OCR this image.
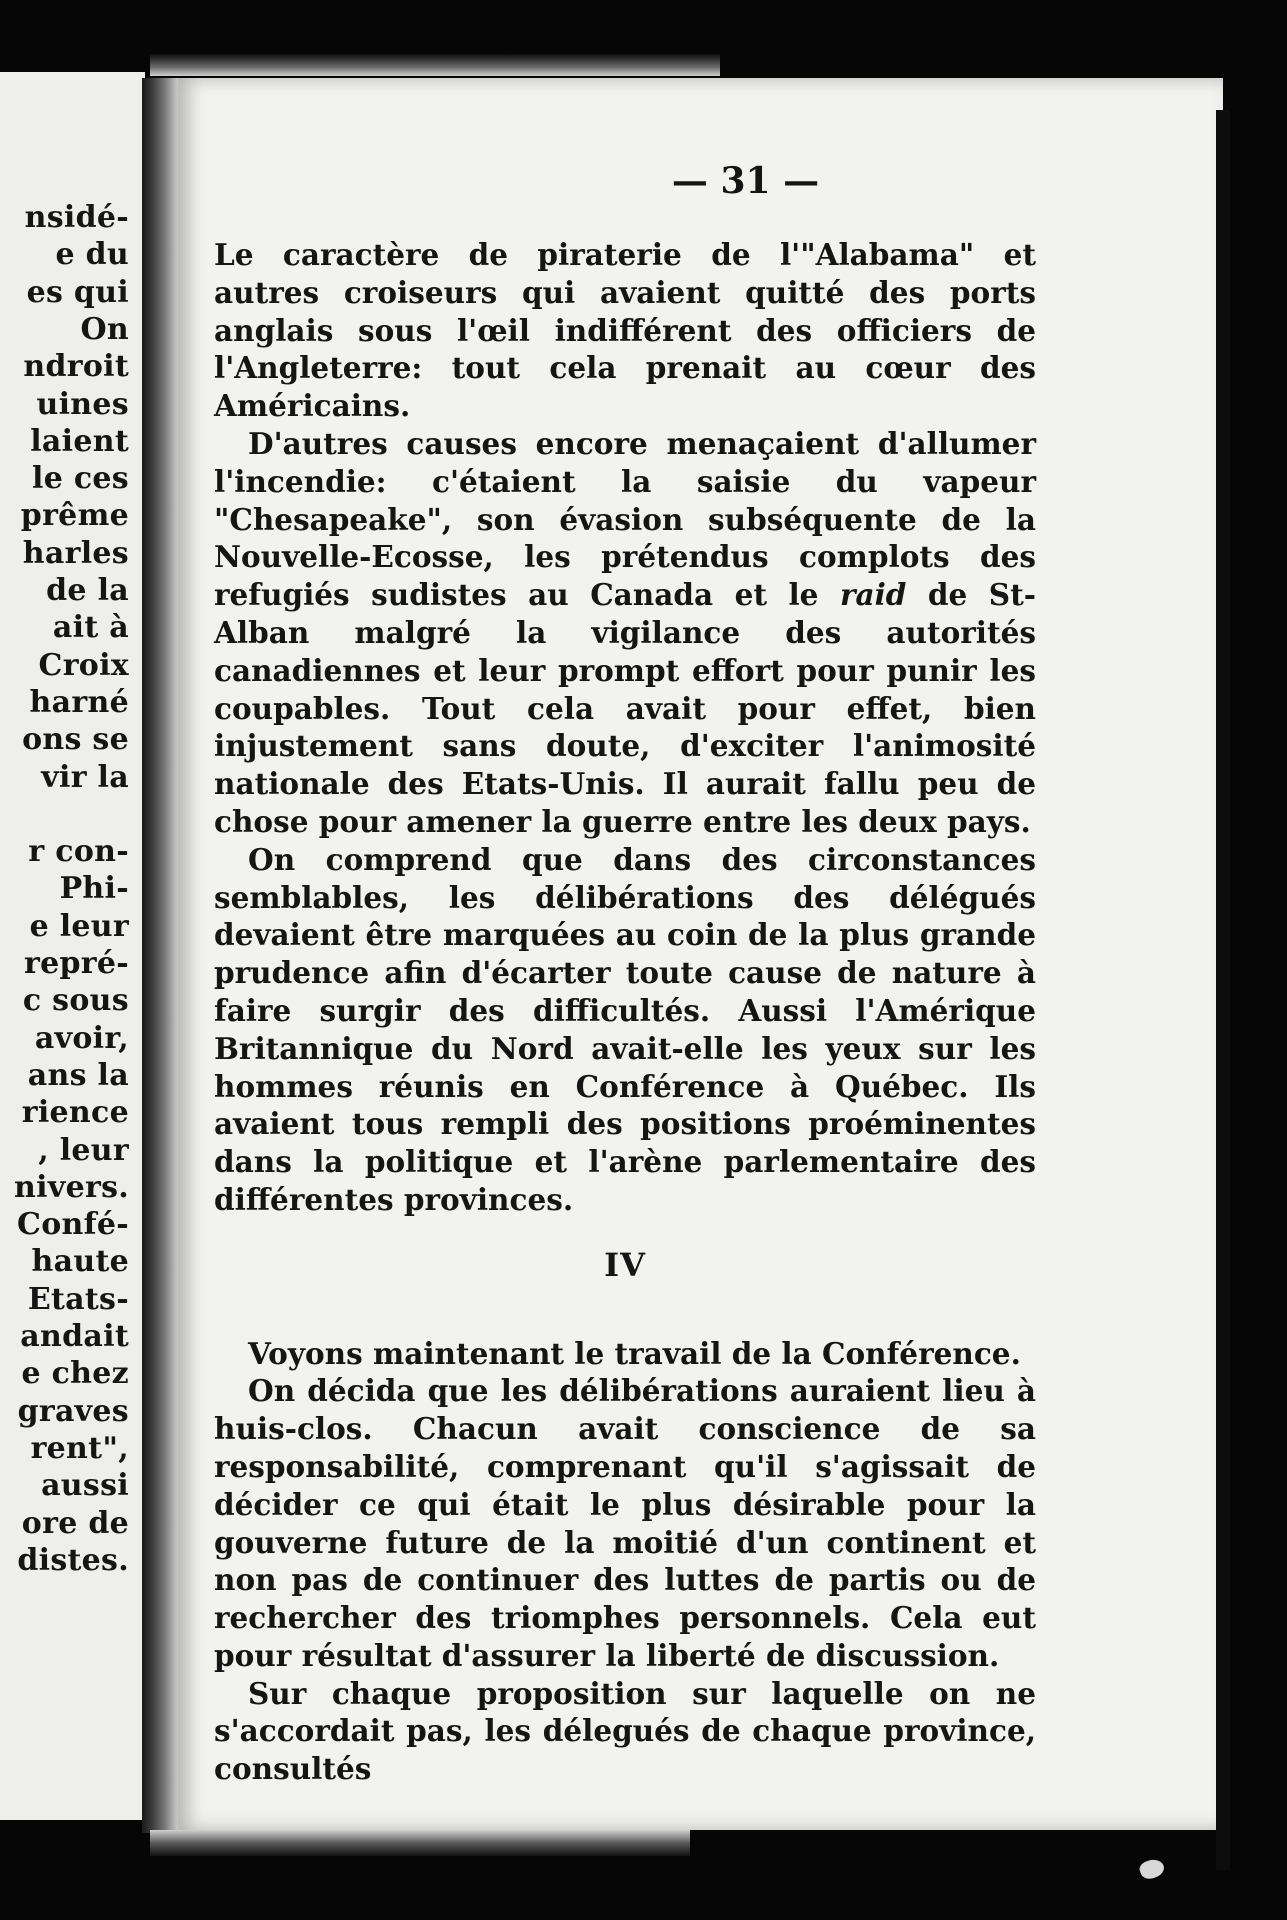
nsidé-
e du
es qui
On
ndroit
uines
laient
le ces
prême
harles
de la
ait à
Croix
harné
ons se
vir la
r con-
Phi-
e leur
repré-
c sous
avoir,
ans la
rience
, leur
nivers.
Confé-
haute
Etats-
andait
e chez
graves
rent",
aussi
ore de
distes.
— 31 —

Le caractère de piraterie de l'"Alabama" et autres croiseurs qui avaient quitté des ports anglais sous l'œil indifférent des officiers de l'Angleterre: tout cela prenait au cœur des Américains.

D'autres causes encore menaçaient d'allumer l'incendie: c'étaient la saisie du vapeur "Chesapeake", son évasion subséquente de la Nouvelle-Ecosse, les prétendus complots des refugiés sudistes au Canada et le raid de St-Alban malgré la vigilance des autorités canadiennes et leur prompt effort pour punir les coupables. Tout cela avait pour effet, bien injustement sans doute, d'exciter l'animosité nationale des Etats-Unis. Il aurait fallu peu de chose pour amener la guerre entre les deux pays.

On comprend que dans des circonstances semblables, les délibérations des délégués devaient être marquées au coin de la plus grande prudence afin d'écarter toute cause de nature à faire surgir des difficultés. Aussi l'Amérique Britannique du Nord avait-elle les yeux sur les hommes réunis en Conférence à Québec. Ils avaient tous rempli des positions proéminentes dans la politique et l'arène parlementaire des différentes provinces.

IV

Voyons maintenant le travail de la Conférence.

On décida que les délibérations auraient lieu à huis-clos. Chacun avait conscience de sa responsabilité, comprenant qu'il s'agissait de décider ce qui était le plus désirable pour la gouverne future de la moitié d'un continent et non pas de continuer des luttes de partis ou de rechercher des triomphes personnels. Cela eut pour résultat d'assurer la liberté de discussion.

Sur chaque proposition sur laquelle on ne s'accordait pas, les délegués de chaque province, consultés
